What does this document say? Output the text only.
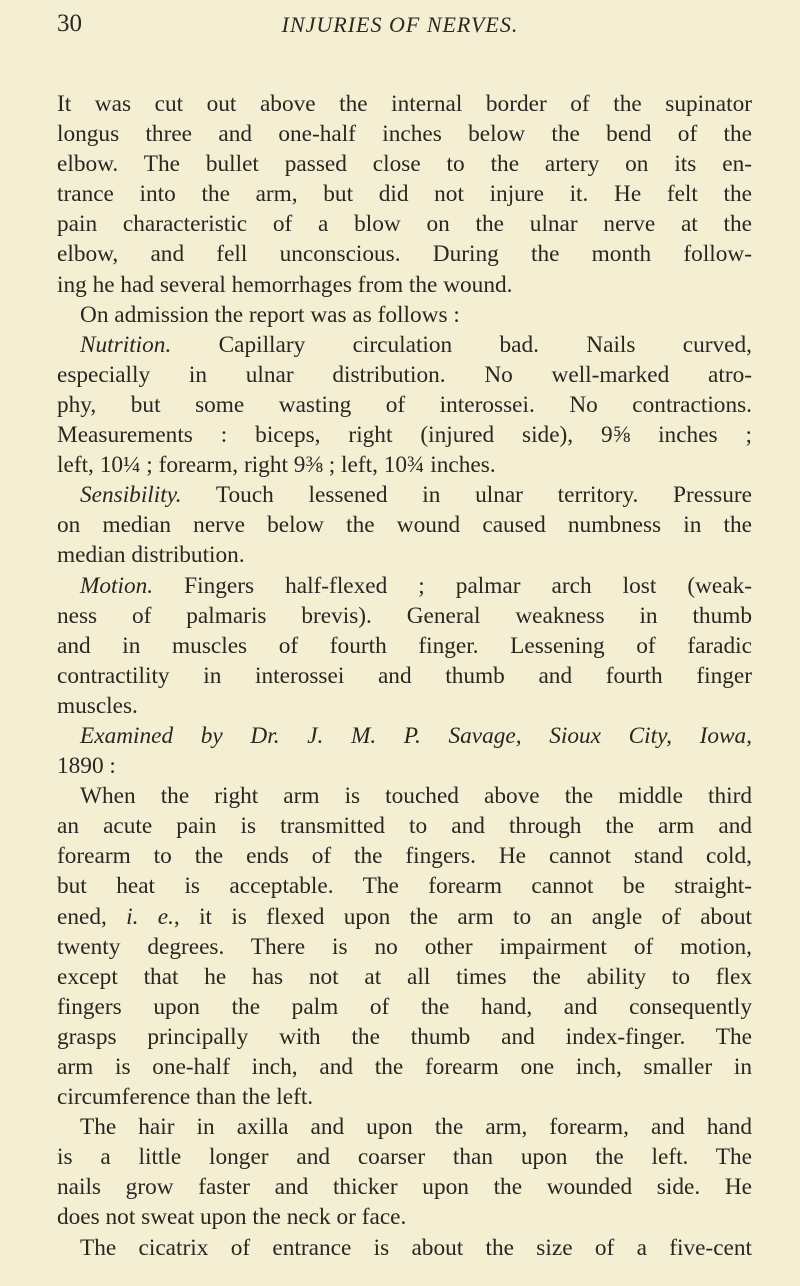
30	INJURIES OF NERVES.
It was cut out above the internal border of the supinator
longus three and one-half inches below the bend of the
elbow. The bullet passed close to the artery on its en-
trance into the arm, but did not injure it. He felt the
pain characteristic of a blow on the ulnar nerve at the
elbow, and fell unconscious. During the month follow-
ing he had several hemorrhages from the wound.
On admission the report was as follows :
Nutrition. Capillary circulation bad. Nails curved,
especially in ulnar distribution. No well-marked atro-
phy, but some wasting of interossei. No contractions.
Measurements : biceps, right (injured side), 9⅝ inches ;
left, 10¼ ; forearm, right 9⅜ ; left, 10¾ inches.
Sensibility. Touch lessened in ulnar territory. Pressure
on median nerve below the wound caused numbness in the
median distribution.
Motion. Fingers half-flexed ; palmar arch lost (weak-
ness of palmaris brevis). General weakness in thumb
and in muscles of fourth finger. Lessening of faradic
contractility in interossei and thumb and fourth finger
muscles.
Examined by Dr. J. M. P. Savage, Sioux City, Iowa,
1890 :
When the right arm is touched above the middle third
an acute pain is transmitted to and through the arm and
forearm to the ends of the fingers. He cannot stand cold,
but heat is acceptable. The forearm cannot be straight-
ened, i. e., it is flexed upon the arm to an angle of about
twenty degrees. There is no other impairment of motion,
except that he has not at all times the ability to flex
fingers upon the palm of the hand, and consequently
grasps principally with the thumb and index-finger. The
arm is one-half inch, and the forearm one inch, smaller in
circumference than the left.
The hair in axilla and upon the arm, forearm, and hand
is a little longer and coarser than upon the left. The
nails grow faster and thicker upon the wounded side. He
does not sweat upon the neck or face.
The cicatrix of entrance is about the size of a five-cent
